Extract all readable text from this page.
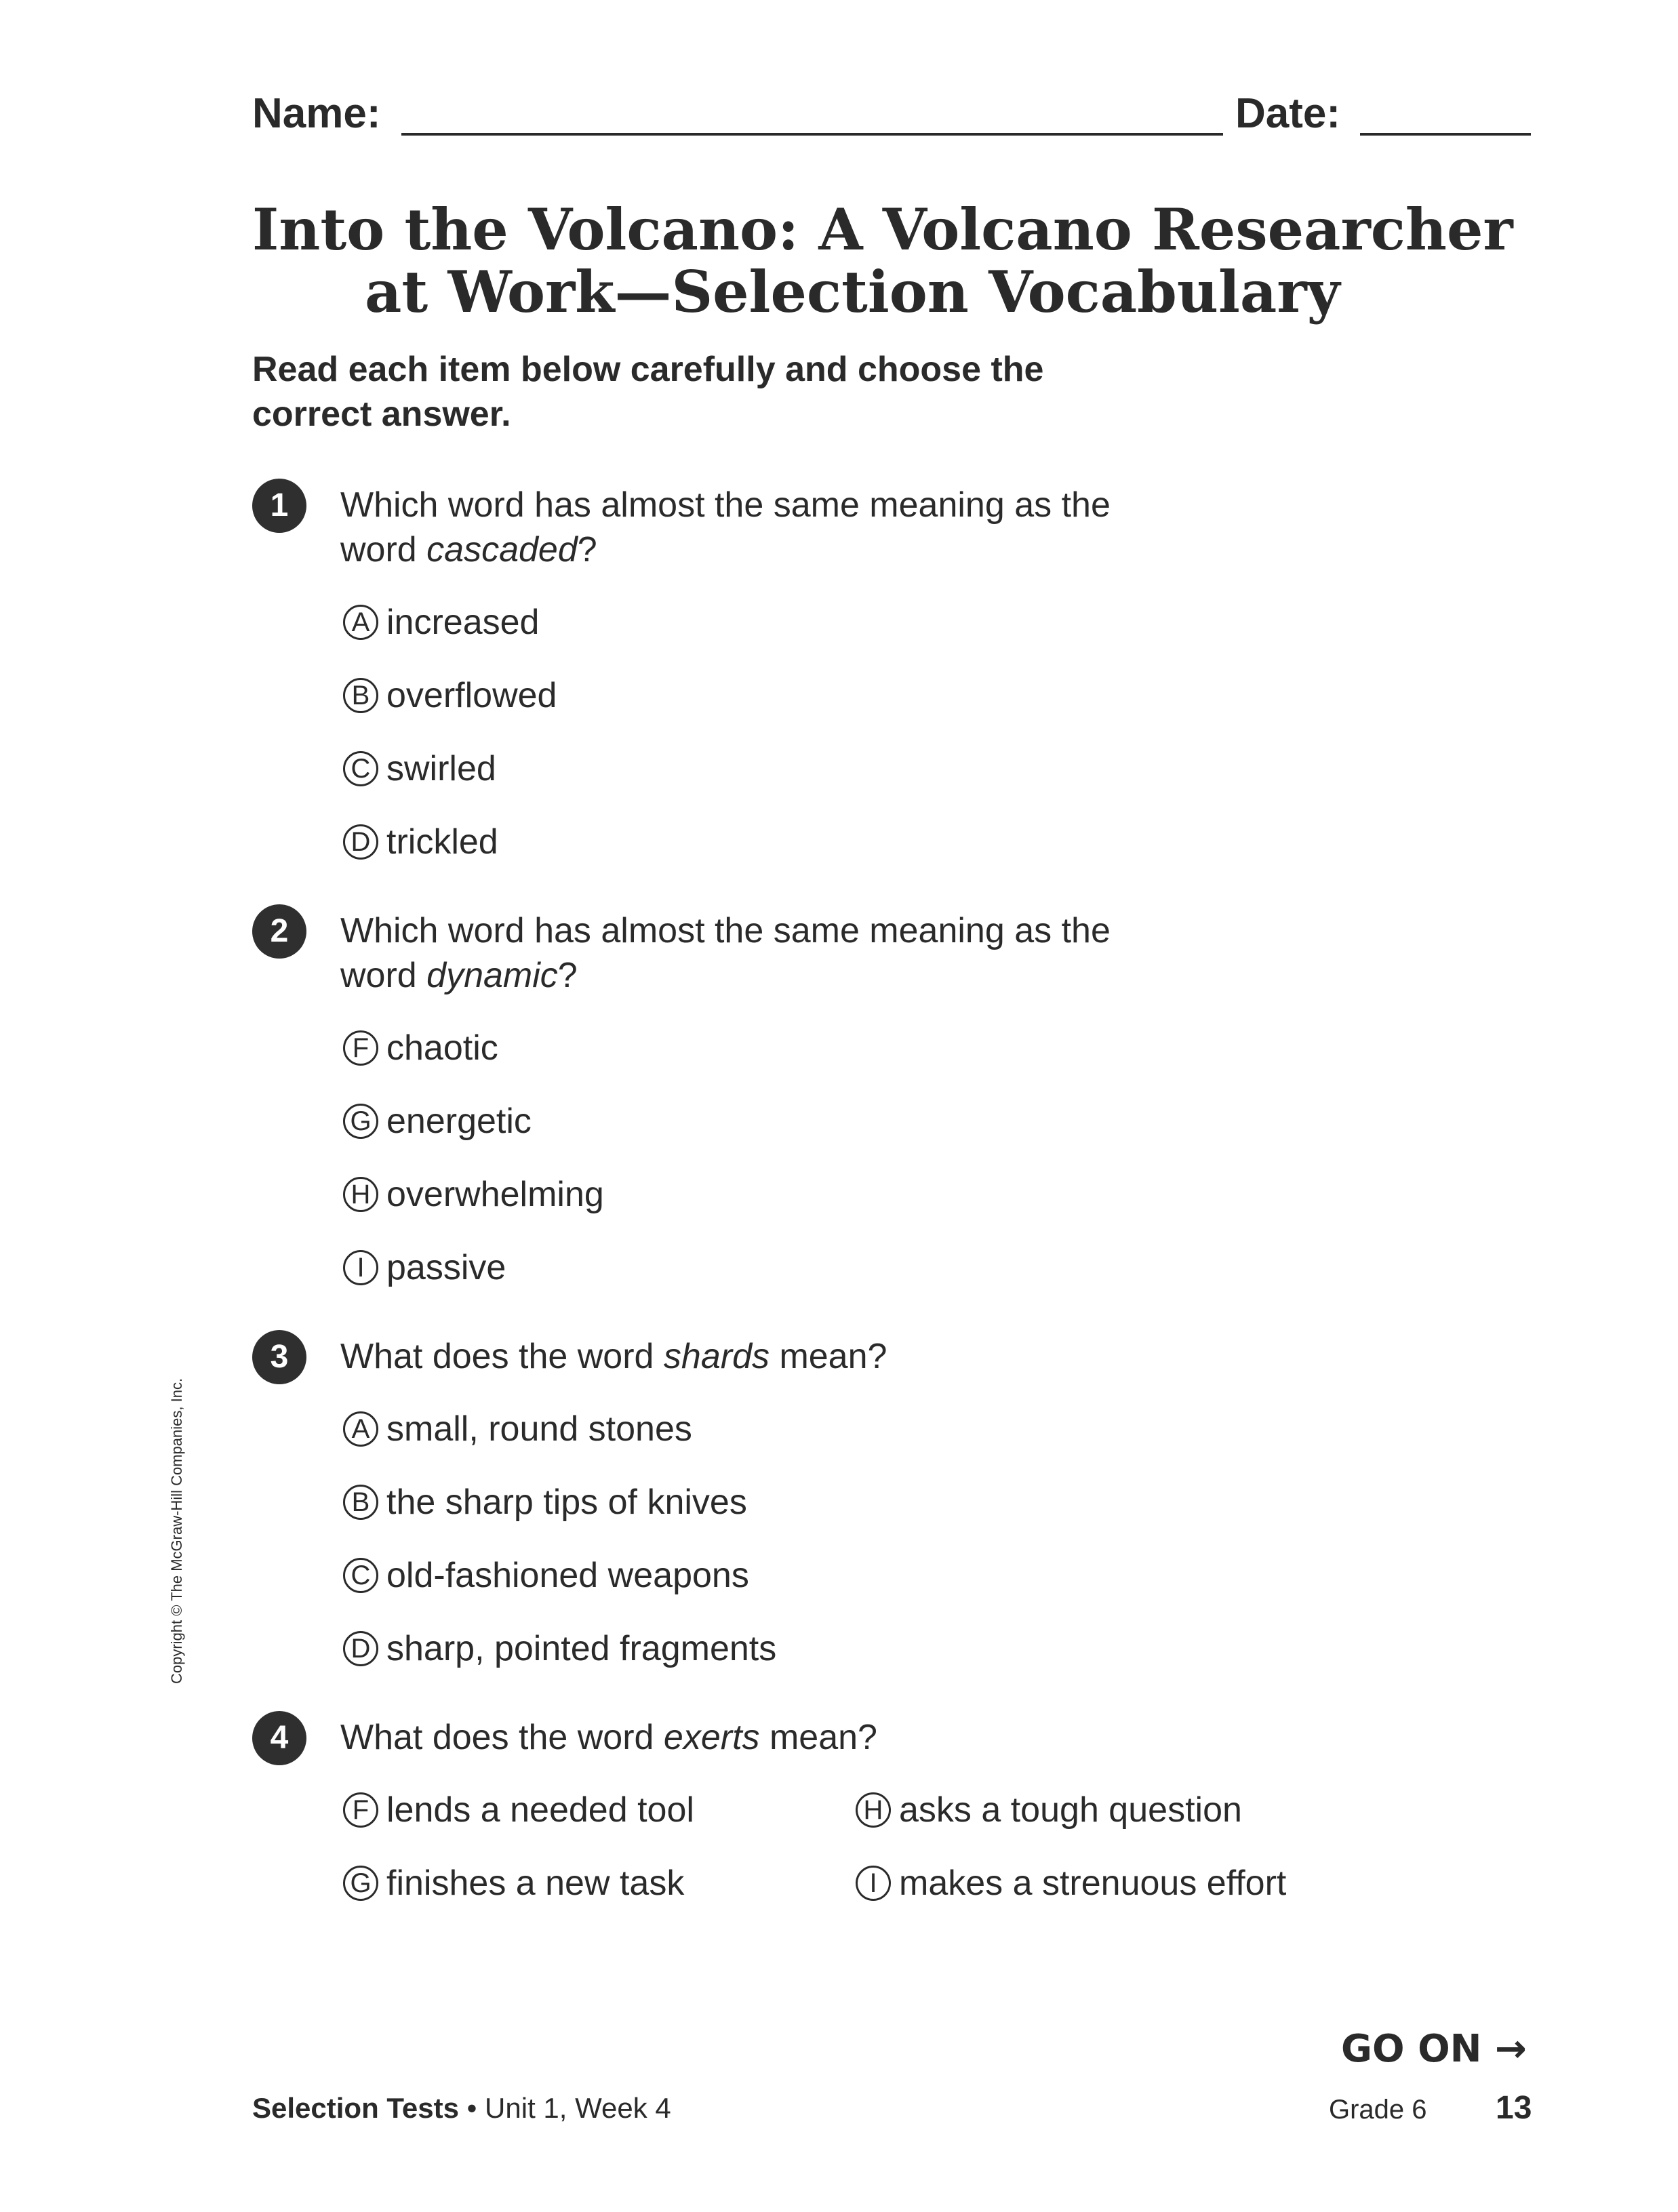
Name:	Date:
Into the Volcano: A Volcano Researcher
at Work—Selection Vocabulary
Read each item below carefully and choose the
correct answer.
1	Which word has almost the same meaning as the
word cascaded?
A increased
B overflowed
C swirled
D trickled
2	Which word has almost the same meaning as the
word dynamic?
F chaotic
G energetic
H overwhelming
I passive
3	What does the word shards mean?
A small, round stones
B the sharp tips of knives
C old-fashioned weapons
D sharp, pointed fragments
4	What does the word exerts mean?
F lends a needed tool
G finishes a new task
H asks a tough question
I makes a strenuous effort
Copyright © The McGraw-Hill Companies, Inc.
GO ON →
Selection Tests • Unit 1, Week 4	Grade 6 13
